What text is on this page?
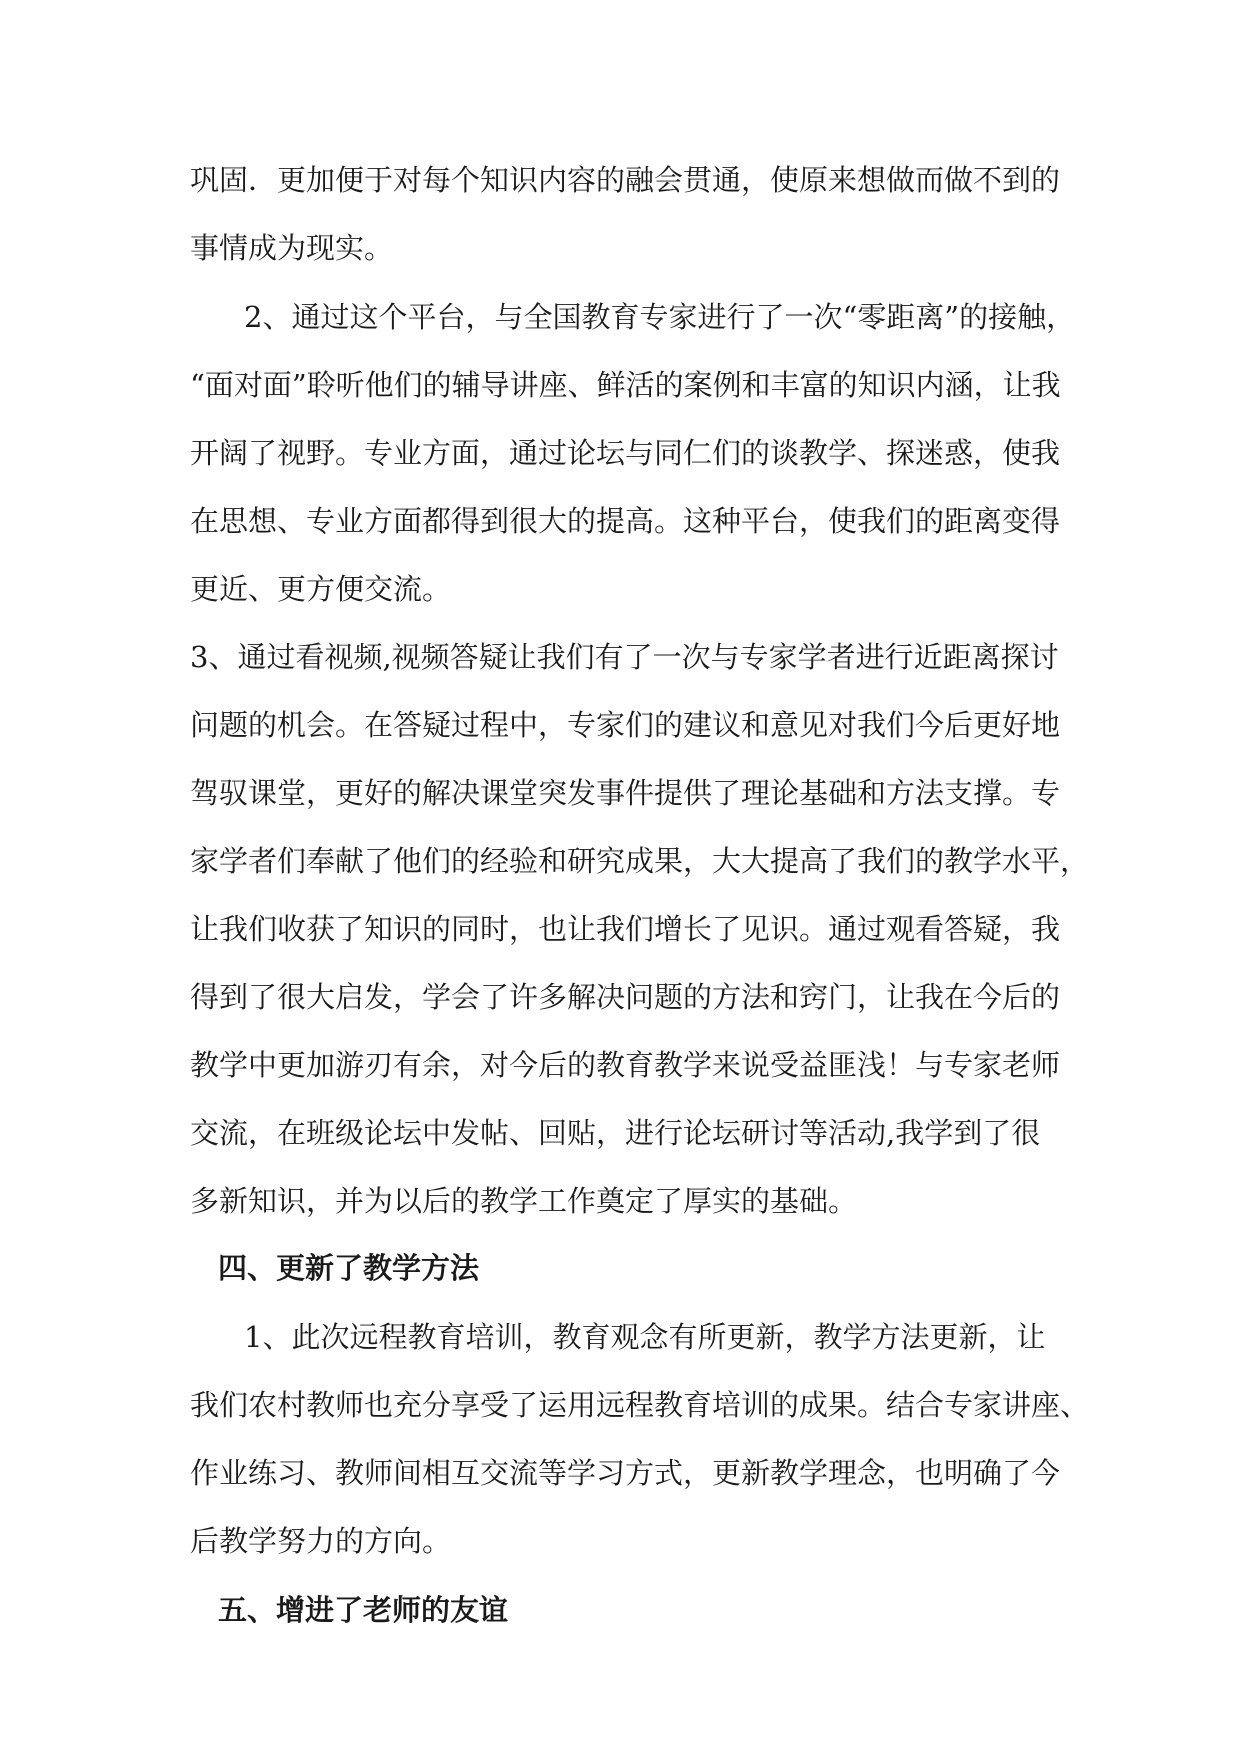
巩固．更加便于对每个知识内容的融会贯通，使原来想做而做不到的
事情成为现实。
2、通过这个平台，与全国教育专家进行了一次“零距离”的接触，
“面对面”聆听他们的辅导讲座、鲜活的案例和丰富的知识内涵，让我
开阔了视野。专业方面，通过论坛与同仁们的谈教学、探迷惑，使我
在思想、专业方面都得到很大的提高。这种平台，使我们的距离变得
更近、更方便交流。
3、通过看视频,视频答疑让我们有了一次与专家学者进行近距离探讨
问题的机会。在答疑过程中，专家们的建议和意见对我们今后更好地
驾驭课堂，更好的解决课堂突发事件提供了理论基础和方法支撑。专
家学者们奉献了他们的经验和研究成果，大大提高了我们的教学水平，
让我们收获了知识的同时，也让我们增长了见识。通过观看答疑，我
得到了很大启发，学会了许多解决问题的方法和窍门，让我在今后的
教学中更加游刃有余，对今后的教育教学来说受益匪浅！与专家老师
交流，在班级论坛中发帖、回贴，进行论坛研讨等活动,我学到了很
多新知识，并为以后的教学工作奠定了厚实的基础。
四、更新了教学方法
1、此次远程教育培训，教育观念有所更新，教学方法更新，让
我们农村教师也充分享受了运用远程教育培训的成果。结合专家讲座、
作业练习、教师间相互交流等学习方式，更新教学理念，也明确了今
后教学努力的方向。
五、增进了老师的友谊
